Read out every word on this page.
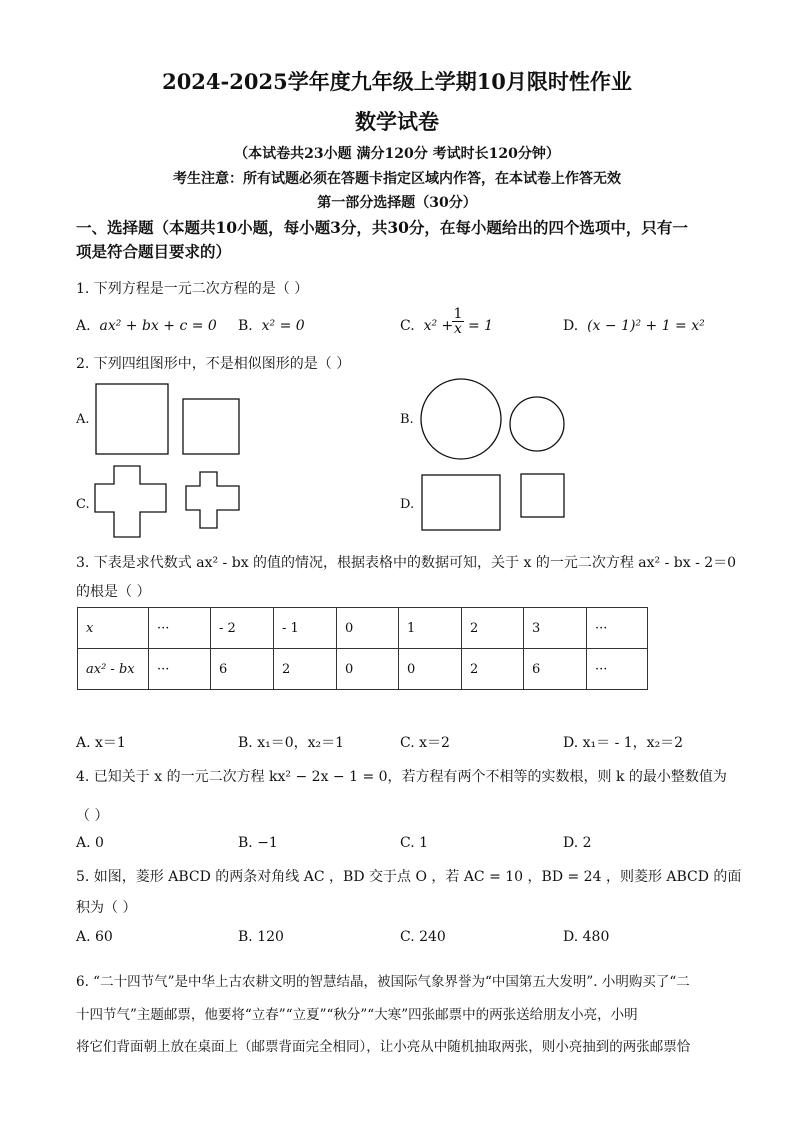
2024-2025学年度九年级上学期10月限时性作业
数学试卷
（本试卷共23小题 满分120分 考试时长120分钟）
考生注意：所有试题必须在答题卡指定区域内作答，在本试卷上作答无效
第一部分选择题（30分）
一、选择题（本题共10小题，每小题3分，共30分，在每小题给出的四个选项中，只有一
项是符合题目要求的）
1. 下列方程是一元二次方程的是（ ）
A. ax² + bx + c = 0 B. x² = 0	C. x² +
1
x = 1	D. (x − 1)² + 1 = x²
2. 下列四组图形中，不是相似图形的是（ ）
A.	B.
C.	D.
3. 下表是求代数式 ax² - bx 的值的情况，根据表格中的数据可知，关于 x 的一元二次方程 ax² - bx - 2＝0
的根是（ ）
x	···	- 2	- 1	0	1	2	3	···
ax² - bx	···	6	2	0	0	2	6	···
A. x＝1	B. x₁＝0，x₂＝1	C. x＝2	D. x₁＝ - 1，x₂＝2
4. 已知关于 x 的一元二次方程 kx² − 2x − 1 = 0，若方程有两个不相等的实数根，则 k 的最小整数值为
（ ）
A. 0	B. −1	C. 1	D. 2
5. 如图，菱形 ABCD 的两条对角线 AC ，BD 交于点 O ，若 AC = 10 ，BD = 24 ，则菱形 ABCD 的面
积为（ ）
A. 60	B. 120	C. 240	D. 480
6. “二十四节气”是中华上古农耕文明的智慧结晶，被国际气象界誉为“中国第五大发明”. 小明购买了“二
十四节气”主题邮票，他要将“立春”“立夏”“秋分”“大寒”四张邮票中的两张送给朋友小亮，小明
将它们背面朝上放在桌面上（邮票背面完全相同），让小亮从中随机抽取两张，则小亮抽到的两张邮票恰
